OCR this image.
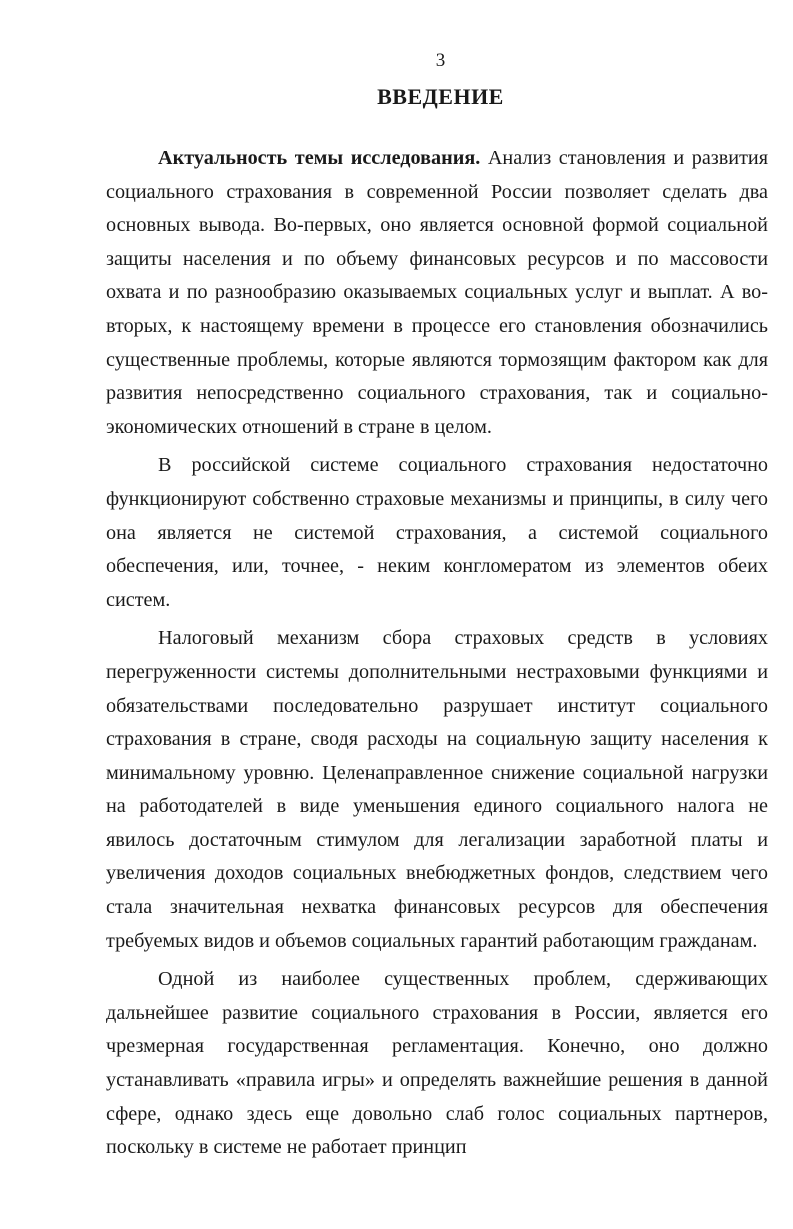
3
ВВЕДЕНИЕ

Актуальность темы исследования. Анализ становления и развития социального страхования в современной России позволяет сделать два основных вывода. Во-первых, оно является основной формой социальной защиты населения и по объему финансовых ресурсов и по массовости охвата и по разнообразию оказываемых социальных услуг и выплат. А во-вторых, к настоящему времени в процессе его становления обозначились существенные проблемы, которые являются тормозящим фактором как для развития непосредственно социального страхования, так и социально-экономических отношений в стране в целом.

В российской системе социального страхования недостаточно функционируют собственно страховые механизмы и принципы, в силу чего она является не системой страхования, а системой социального обеспечения, или, точнее, - неким конгломератом из элементов обеих систем.

Налоговый механизм сбора страховых средств в условиях перегруженности системы дополнительными нестраховыми функциями и обязательствами последовательно разрушает институт социального страхования в стране, сводя расходы на социальную защиту населения к минимальному уровню. Целенаправленное снижение социальной нагрузки на работодателей в виде уменьшения единого социального налога не явилось достаточным стимулом для легализации заработной платы и увеличения доходов социальных внебюджетных фондов, следствием чего стала значительная нехватка финансовых ресурсов для обеспечения требуемых видов и объемов социальных гарантий работающим гражданам.

Одной из наиболее существенных проблем, сдерживающих дальнейшее развитие социального страхования в России, является его чрезмерная государственная регламентация. Конечно, оно должно устанавливать «правила игры» и определять важнейшие решения в данной сфере, однако здесь еще довольно слаб голос социальных партнеров, поскольку в системе не работает принцип
